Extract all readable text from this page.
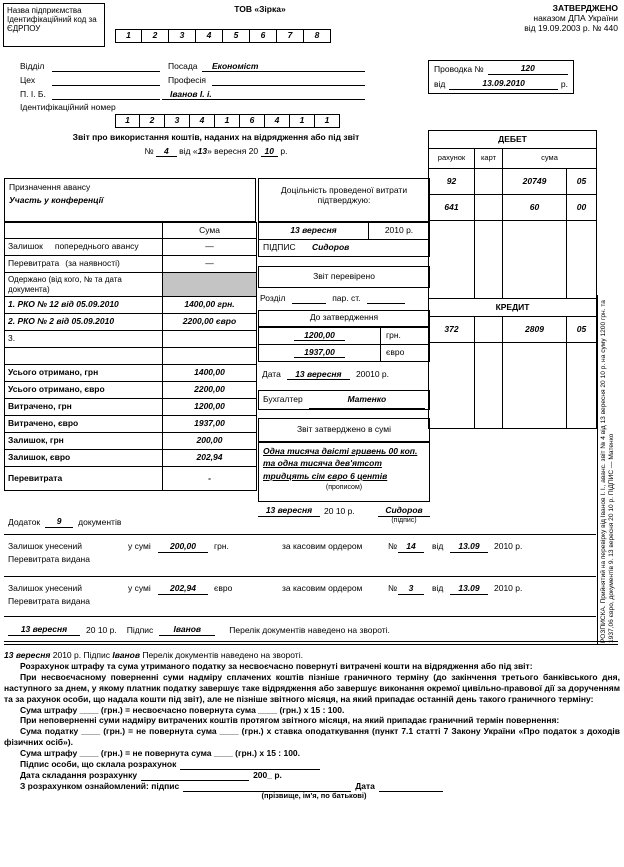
Назва підприємства Ідентифікаційний код за ЄДРПОУ
ТОВ «Зірка»
1	2	3	4	5	6	7	8
ЗАТВЕРДЖЕНО
наказом ДПА України
від 19.09.2003 р. № 440
Відділ	Посада Економіст
Цех	Професія
П. І. Б.	Іванов І. і.
Ідентифікаційний номер
1	2	3	4	1	6	4	1	1
Проводка №	120
від	13.09.2010	р.
Звіт про використання коштів, наданих на відрядження або під звіт
№ 4 від «13» вересня 20 10 р.
ДЕБЕТ			
рахунок	карт	сума	
92		20749	05
641		60	00

КРЕДИТ			
372		2809	05

Призначення авансу
Участь у конференції
	Сума
Залишок попереднього авансу	—
Перевитрата (за наявності)	—
Одержано (від кого, № та дата документа)	
1. РКО № 12 від 05.09.2010	1400,00 грн.
2. РКО № 2 від 05.09.2010	2200,00 євро
3.	

Усього отримано, грн	1400,00
Усього отримано, євро	2200,00
Витрачено, грн	1200,00
Витрачено, євро	1937,00
Залишок, грн	200,00
Залишок, євро	202,94
Перевитрата	-
Доцільність проведеної витрати підтверджую:
13 вересня	2010 р.
ПІДПИС Сидоров
Звіт перевірено
Розділ	пар. ст.
До затвердження
1200,00	грн.
1937,00	євро
Дата 13 вересня 20010 р.
Бухгалтер	Матенко
Звіт затверджено в сумі
Одна тисяча двісті гривень 00 коп. та одна тисяча дев'ятсот тридцять сім євро 6 центів
(прописом)
13 вересня	20 10 р.	Сидоров
(підпис)
Додаток	9	документів
Залишок унесений
Перевитрата видана
у сумі	200,00	грн.	за касовим ордером	№	14	від	13.09	2010 р.
Залишок унесений
Перевитрата видана
у сумі	202,94	євро	за касовим ордером	№	3	від	13.09	2010 р.
13 вересня	20 10 р. Підпис	Іванов	Перелік документів наведено на звороті.	РОЗПИСКА. Прийнятий на перевірку від Іванов І. І., аванс. звіт № 4 від 13 вересня 20 10 р. на суму 1200 грн. та 1937,06 євро, документів 9. 13 вересня 20 10 р. ПІДПИС — Матенко
13 вересня 2010 р. Підпис Іванов Перелік документів наведено на звороті.

Розрахунок штрафу та сума утриманого податку за несвоєчасно повернуті витрачені кошти на відрядження або під звіт:

При несвоєчасному поверненні суми надміру сплачених коштів пізніше граничного терміну (до закінчення третього банківського дня, наступного за днем, у якому платник податку завершує таке відрядження або завершує виконання окремої цивільно-правової дії за дорученням та за рахунок особи, що надала кошти під звіт), але не пізніше звітного місяця, на який припадає останній день такого граничного терміну:

Сума штрафу ____ (грн.) = несвоєчасно повернута сума ____ (грн.) х 15 : 100.

При неповерненні суми надміру витрачених коштів протягом звітного місяця, на який припадає граничний термін повернення:

Сума податку ____ (грн.) = не повернута сума ____ (грн.) х ставка оподаткування (пункт 7.1 статті 7 Закону України «Про податок з доходів фізичних осіб»).

Сума штрафу ____ (грн.) = не повернута сума ____ (грн.) х 15 : 100.

Підпис особи, що склала розрахунок

Дата складання розрахунку	200_ р.

З розрахунком ознайомлений: підпис	Дата

(прізвище, ім'я, по батькові)
